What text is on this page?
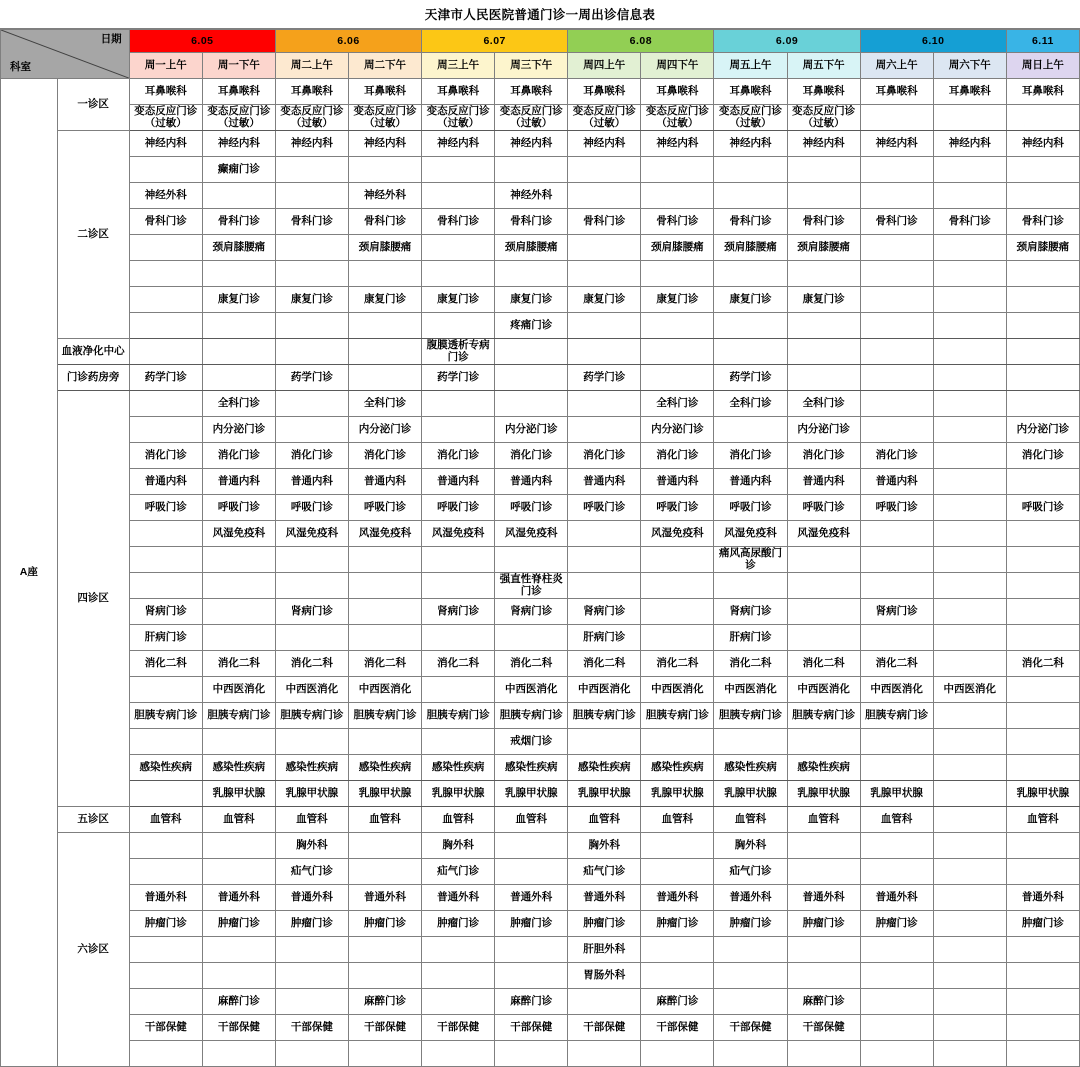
天津市人民医院普通门诊一周出诊信息表
日期
科室		6.05		6.06		6.07		6.08		6.09		6.10		6.11
		周一上午	周一下午	周二上午	周二下午	周三上午	周三下午	周四上午	周四下午	周五上午	周五下午	周六上午	周六下午	周日上午
A座	一诊区	耳鼻喉科	耳鼻喉科	耳鼻喉科	耳鼻喉科	耳鼻喉科	耳鼻喉科	耳鼻喉科	耳鼻喉科	耳鼻喉科	耳鼻喉科	耳鼻喉科	耳鼻喉科	耳鼻喉科
		变态反应门诊（过敏）	变态反应门诊（过敏）	变态反应门诊（过敏）	变态反应门诊（过敏）	变态反应门诊（过敏）	变态反应门诊（过敏）	变态反应门诊（过敏）	变态反应门诊（过敏）	变态反应门诊（过敏）	变态反应门诊（过敏）			
	二诊区	神经内科	神经内科	神经内科	神经内科	神经内科	神经内科	神经内科	神经内科	神经内科	神经内科	神经内科	神经内科	神经内科
			癫痫门诊											
		神经外科			神经外科		神经外科							
		骨科门诊	骨科门诊	骨科门诊	骨科门诊	骨科门诊	骨科门诊	骨科门诊	骨科门诊	骨科门诊	骨科门诊	骨科门诊	骨科门诊	骨科门诊
			颈肩膝腰痛		颈肩膝腰痛		颈肩膝腰痛		颈肩膝腰痛	颈肩膝腰痛	颈肩膝腰痛			颈肩膝腰痛

			康复门诊	康复门诊	康复门诊	康复门诊	康复门诊	康复门诊	康复门诊	康复门诊	康复门诊			
							疼痛门诊							
	血液净化中心					腹膜透析专病门诊								
	门诊药房旁	药学门诊		药学门诊		药学门诊		药学门诊		药学门诊				
	四诊区		全科门诊		全科门诊				全科门诊	全科门诊	全科门诊			
			内分泌门诊		内分泌门诊		内分泌门诊		内分泌门诊		内分泌门诊			内分泌门诊
		消化门诊	消化门诊	消化门诊	消化门诊	消化门诊	消化门诊	消化门诊	消化门诊	消化门诊	消化门诊	消化门诊		消化门诊
		普通内科	普通内科	普通内科	普通内科	普通内科	普通内科	普通内科	普通内科	普通内科	普通内科	普通内科		
		呼吸门诊	呼吸门诊	呼吸门诊	呼吸门诊	呼吸门诊	呼吸门诊	呼吸门诊	呼吸门诊	呼吸门诊	呼吸门诊	呼吸门诊		呼吸门诊
			风湿免疫科	风湿免疫科	风湿免疫科	风湿免疫科	风湿免疫科		风湿免疫科	风湿免疫科	风湿免疫科			
										痛风高尿酸门诊				
							强直性脊柱炎门诊							
		肾病门诊		肾病门诊		肾病门诊	肾病门诊	肾病门诊		肾病门诊		肾病门诊		
		肝病门诊						肝病门诊		肝病门诊				
		消化二科	消化二科	消化二科	消化二科	消化二科	消化二科	消化二科	消化二科	消化二科	消化二科	消化二科		消化二科
			中西医消化	中西医消化	中西医消化		中西医消化	中西医消化	中西医消化	中西医消化	中西医消化	中西医消化	中西医消化	
		胆胰专病门诊	胆胰专病门诊	胆胰专病门诊	胆胰专病门诊	胆胰专病门诊	胆胰专病门诊	胆胰专病门诊	胆胰专病门诊	胆胰专病门诊	胆胰专病门诊	胆胰专病门诊		
							戒烟门诊							
		感染性疾病	感染性疾病	感染性疾病	感染性疾病	感染性疾病	感染性疾病	感染性疾病	感染性疾病	感染性疾病	感染性疾病			
			乳腺甲状腺	乳腺甲状腺	乳腺甲状腺	乳腺甲状腺	乳腺甲状腺	乳腺甲状腺	乳腺甲状腺	乳腺甲状腺	乳腺甲状腺	乳腺甲状腺		乳腺甲状腺
	五诊区	血管科	血管科	血管科	血管科	血管科	血管科	血管科	血管科	血管科	血管科	血管科		血管科
	六诊区			胸外科		胸外科		胸外科		胸外科				
				疝气门诊		疝气门诊		疝气门诊		疝气门诊				
		普通外科	普通外科	普通外科	普通外科	普通外科	普通外科	普通外科	普通外科	普通外科	普通外科	普通外科		普通外科
		肿瘤门诊	肿瘤门诊	肿瘤门诊	肿瘤门诊	肿瘤门诊	肿瘤门诊	肿瘤门诊	肿瘤门诊	肿瘤门诊	肿瘤门诊	肿瘤门诊		肿瘤门诊
								肝胆外科						
								胃肠外科						
			麻醉门诊		麻醉门诊		麻醉门诊		麻醉门诊		麻醉门诊			
		干部保健	干部保健	干部保健	干部保健	干部保健	干部保健	干部保健	干部保健	干部保健	干部保健			
